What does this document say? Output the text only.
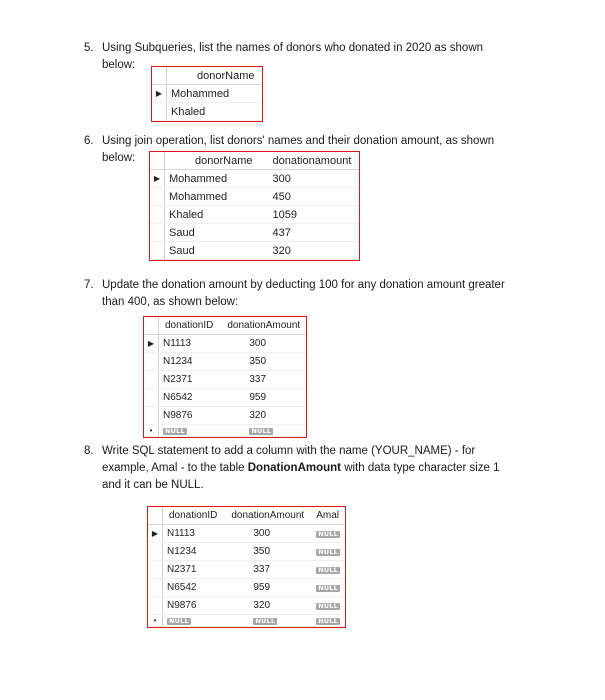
5. Using Subqueries, list the names of donors who donated in 2020 as shown
below:
	donorName
▶	Mohammed
	Khaled
6. Using join operation, list donors' names and their donation amount, as shown
below:
		donorName	donationamount
▶	Mohammed	300
	Mohammed	450
	Khaled	1059
	Saud	437
	Saud	320
7. Update the donation amount by deducting 100 for any donation amount greater
than 400, as shown below:
	donationID	donationAmount
▶	N1113	300
	N1234	350
	N2371	337
	N6542	959
	N9876	320
•	NULL	NULL
8. Write SQL statement to add a column with the name (YOUR_NAME) - for
example, Amal - to the table DonationAmount with data type character size 1
and it can be NULL.
	donationID	donationAmount	Amal
▶	N1113	300	NULL
	N1234	350	NULL
	N2371	337	NULL
	N6542	959	NULL
	N9876	320	NULL
•	NULL	NULL	NULL
